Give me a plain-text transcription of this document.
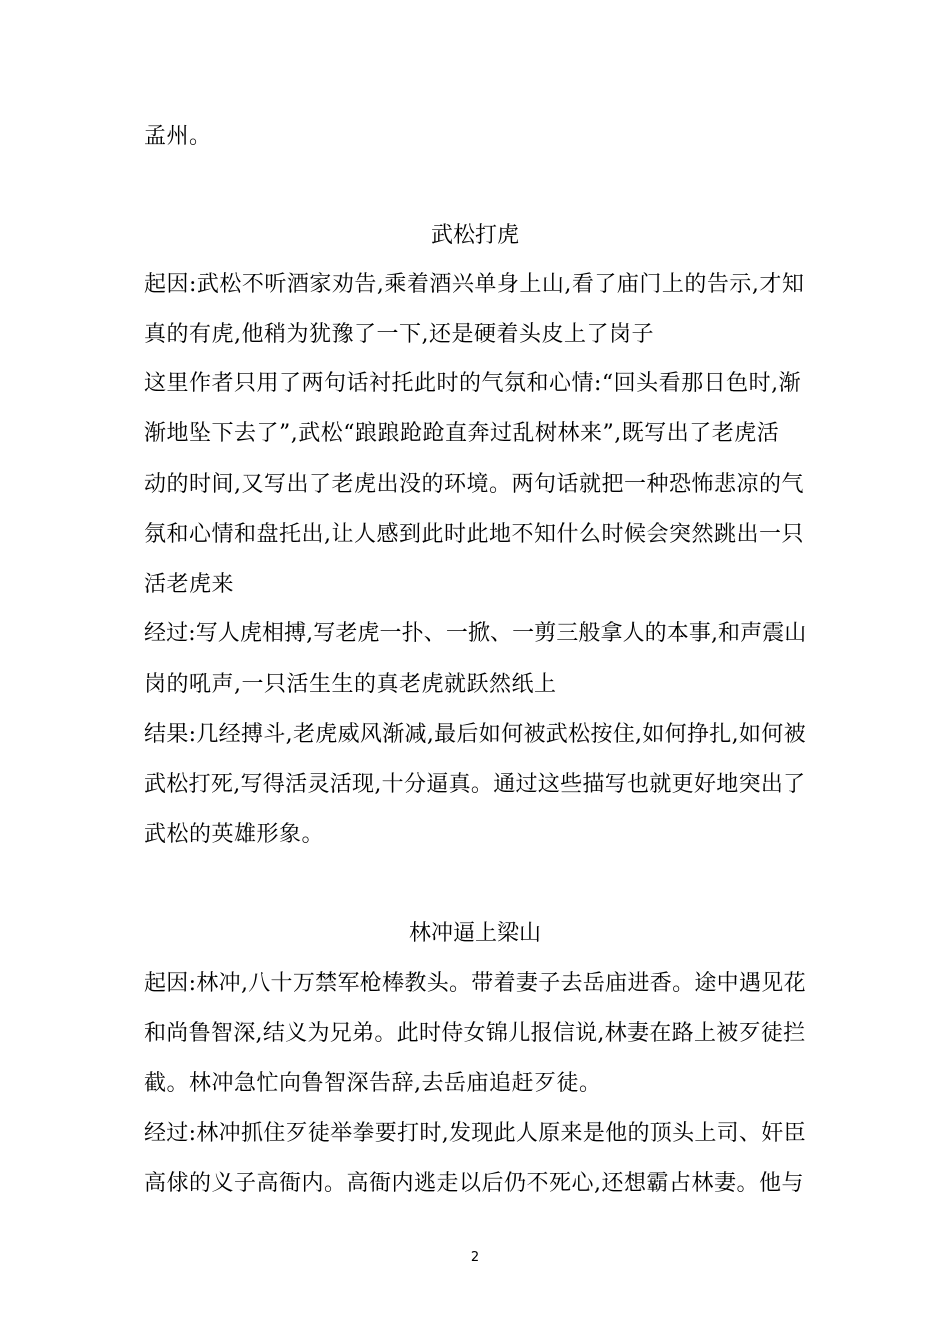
孟州。
武松打虎
起因:武松不听酒家劝告,乘着酒兴单身上山,看了庙门上的告示,才知
真的有虎,他稍为犹豫了一下,还是硬着头皮上了岗子
这里作者只用了两句话衬托此时的气氛和心情:“回头看那日色时,渐
渐地坠下去了”,武松“踉踉跄跄直奔过乱树林来”,既写出了老虎活
动的时间,又写出了老虎出没的环境。两句话就把一种恐怖悲凉的气
氛和心情和盘托出,让人感到此时此地不知什么时候会突然跳出一只
活老虎来
经过:写人虎相搏,写老虎一扑、一掀、一剪三般拿人的本事,和声震山
岗的吼声,一只活生生的真老虎就跃然纸上
结果:几经搏斗,老虎威风渐减,最后如何被武松按住,如何挣扎,如何被
武松打死,写得活灵活现,十分逼真。通过这些描写也就更好地突出了
武松的英雄形象。
林冲逼上梁山
起因:林冲,八十万禁军枪棒教头。带着妻子去岳庙进香。途中遇见花
和尚鲁智深,结义为兄弟。此时侍女锦儿报信说,林妻在路上被歹徒拦
截。林冲急忙向鲁智深告辞,去岳庙追赶歹徒。
经过:林冲抓住歹徒举拳要打时,发现此人原来是他的顶头上司、奸臣
高俅的义子高衙内。高衙内逃走以后仍不死心,还想霸占林妻。他与
2
